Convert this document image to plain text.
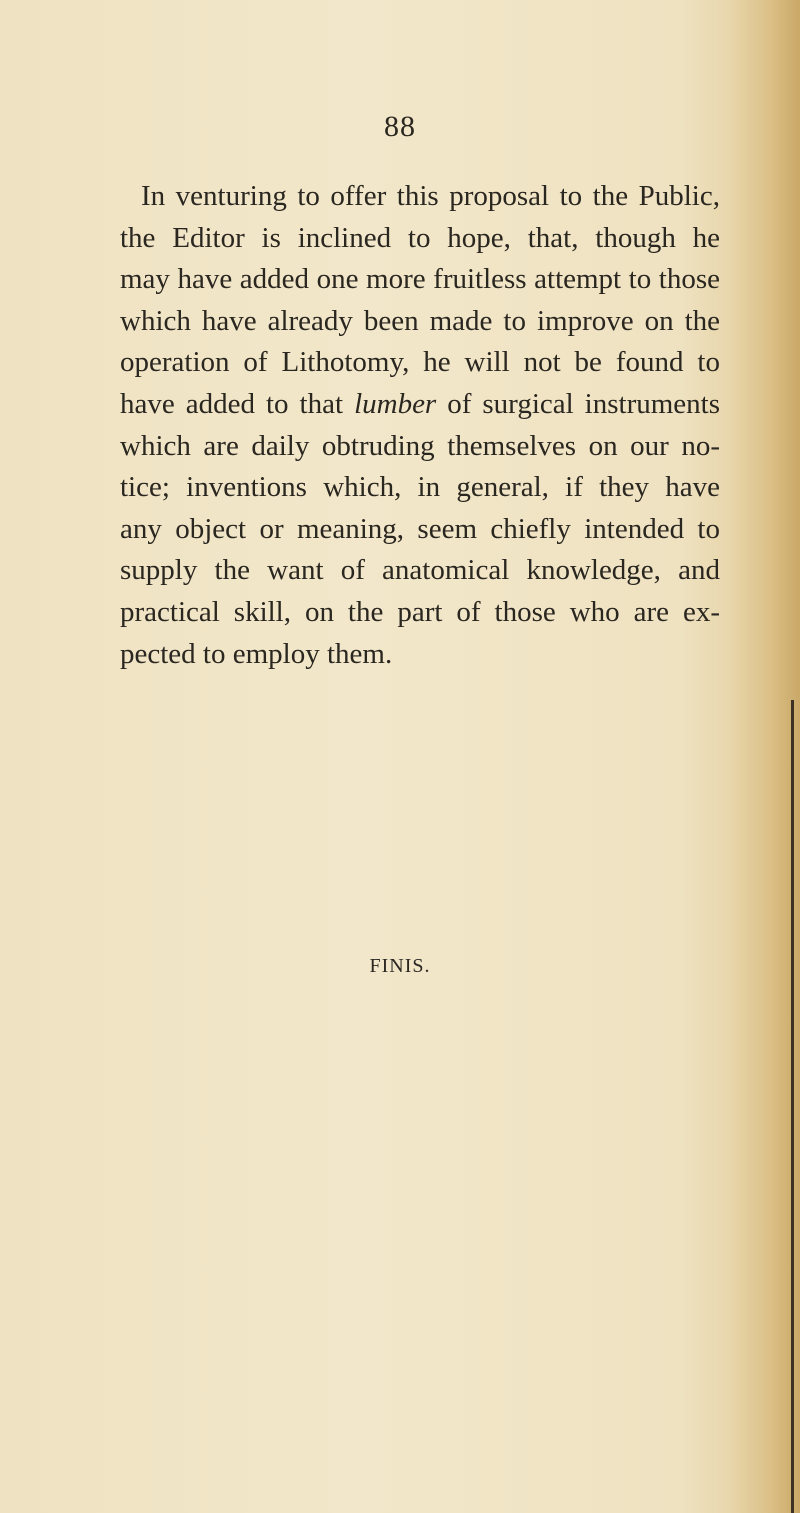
88
In venturing to offer this proposal to the Public,
the Editor is inclined to hope, that, though he
may have added one more fruitless attempt to those
which have already been made to improve on the
operation of Lithotomy, he will not be found to
have added to that lumber of surgical instruments
which are daily obtruding themselves on our no-
tice; inventions which, in general, if they have
any object or meaning, seem chiefly intended to
supply the want of anatomical knowledge, and
practical skill, on the part of those who are ex-
pected to employ them.
FINIS.
